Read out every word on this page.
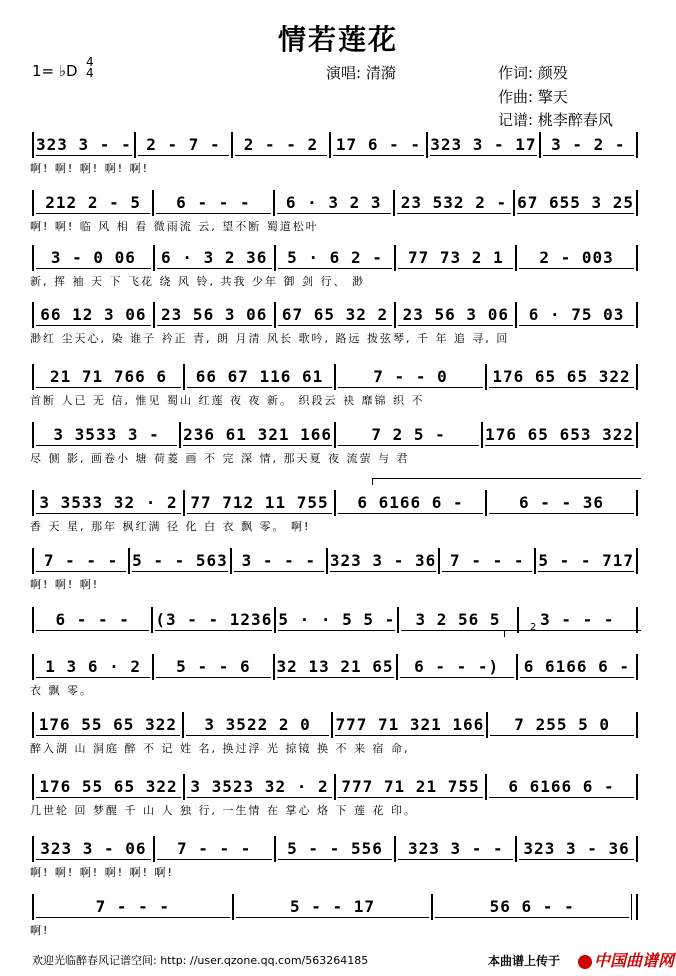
情若莲花
1= ♭D 4
4	演唱: 清漪	作词: 颜殁
作曲: 擎天
记谱: 桃李醉春风
323 3 - - 2 - 7 -	2 - - 2	17 6 - - 323 3 - 17 3 - 2 -
啊! 啊! 啊! 啊! 啊!
212 2 - 5	6 - - -	6 · 3 2 3	23 532 2 - 67 655 3 25
啊! 啊! 临 风 相 看 微雨流 云, 望不断 蜀道松叶
3 - 0 06	6 · 3 2 36	5 · 6 2 -	77 73 2 1	2 - 003
新, 挥 袖 天 下 飞花 绕 风 铃, 共我 少年 御 剑 行、 渺
66 12 3 06 23 56 3 06 67 65 32 2 23 56 3 06	6 · 75 03
渺红 尘天心, 染 谁子 衿正 青, 朗 月清 风长 歌吟, 路远 拨弦琴, 千 年 追 寻, 回
21 71 766 6	66 67 116 61	7 - - 0	176 65 65 322
首断 人已 无 信, 惟见 蜀山 红莲 夜 夜 新。 织段云 袂 靡锦 织 不
3 3533 3 -	236 61 321 166	7 2 5 -	176 65 653 322
尽 侧 影, 画卷小 塘 荷菱 画 不 完 深 情, 那天夏 夜 流萤 与 君
3 3533 32 · 2 77 712 11 755	6 6166 6 -	6 - - 36
香 天 星, 那年 枫红满 径 化 白 衣 飘 零。 啊!
7 - - - 5 - - 563 3 - - - 323 3 - 36 7 - - - 5 - - 717
啊! 啊! 啊!
6 - - -	(3 - - 1236 5 · · 5 5 -	3 2 56 5	3 - - -
1 3 6 · 2	5 - - 6	32 13 21 65	6 - - -)	6 6166 6 -
衣 飘 零。
176 55 65 322	3 3522 2 0	777 71 321 166	7 255 5 0
醉入湖 山 洞庭 醉 不 记 姓 名, 换过浮 光 掠镜 换 不 来 宿 命,
176 55 65 322 3 3523 32 · 2 777 71 21 755	6 6166 6 -
几世轮 回 梦醒 千 山 人 独 行, 一生情 在 掌心 烙 下 莲 花 印。
323 3 - 06	7 - - -	5 - - 556	323 3 - -	323 3 - 36
啊! 啊! 啊! 啊! 啊! 啊!
7 - - -	5 - - 17	56 6 - -
啊!
2
欢迎光临醉春风记谱空间: http: //user.qzone.qq.com/563264185	本曲谱上传于	中国曲谱网
